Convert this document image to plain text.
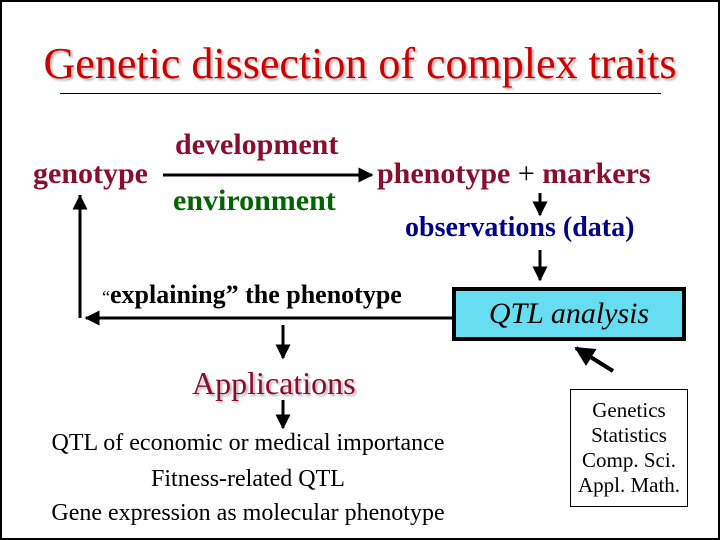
Genetic dissection of complex traits
genotype
development
environment
phenotype + markers
observations (data)
“explaining” the phenotype
QTL analysis
Applications
QTL of economic or medical importance
Fitness-related QTL
Gene expression as molecular phenotype
Genetics
Statistics
Comp. Sci.
Appl. Math.
